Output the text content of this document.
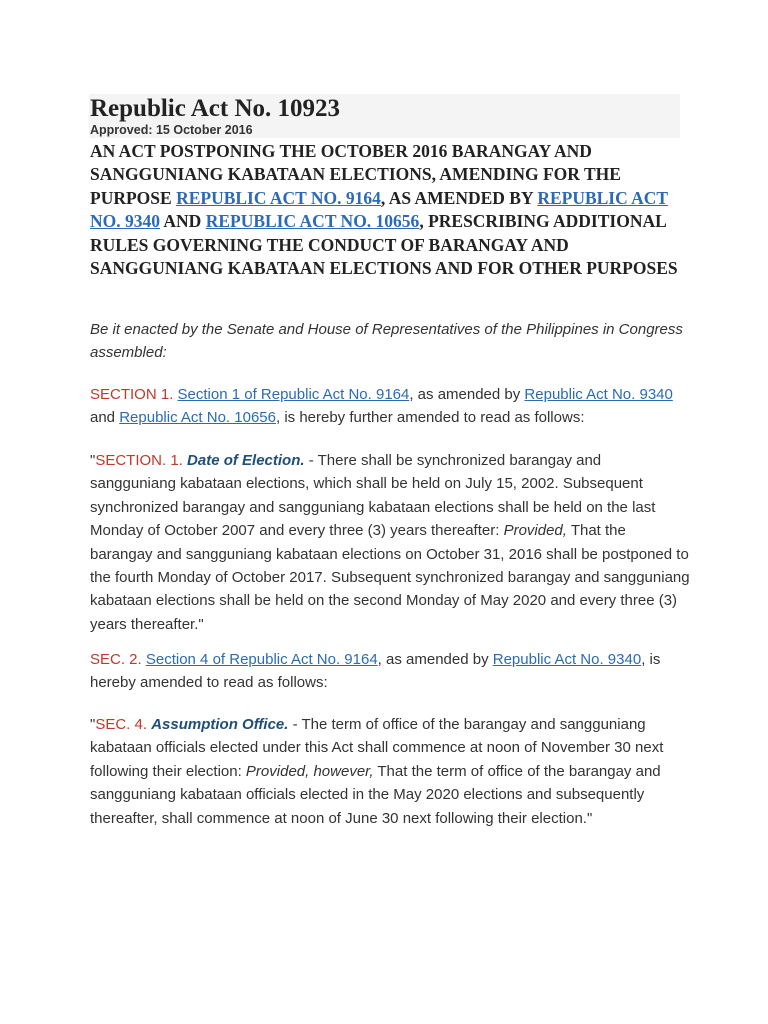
Republic Act No. 10923
Approved: 15 October 2016
AN ACT POSTPONING THE OCTOBER 2016 BARANGAY AND SANGGUNIANG KABATAAN ELECTIONS, AMENDING FOR THE PURPOSE REPUBLIC ACT NO. 9164, AS AMENDED BY REPUBLIC ACT NO. 9340 AND REPUBLIC ACT NO. 10656, PRESCRIBING ADDITIONAL RULES GOVERNING THE CONDUCT OF BARANGAY AND SANGGUNIANG KABATAAN ELECTIONS AND FOR OTHER PURPOSES

Be it enacted by the Senate and House of Representatives of the Philippines in Congress assembled:

SECTION 1. Section 1 of Republic Act No. 9164, as amended by Republic Act No. 9340 and Republic Act No. 10656, is hereby further amended to read as follows:

"SECTION. 1. Date of Election. - There shall be synchronized barangay and sangguniang kabataan elections, which shall be held on July 15, 2002. Subsequent synchronized barangay and sangguniang kabataan elections shall be held on the last Monday of October 2007 and every three (3) years thereafter: Provided, That the barangay and sangguniang kabataan elections on October 31, 2016 shall be postponed to the fourth Monday of October 2017. Subsequent synchronized barangay and sangguniang kabataan elections shall be held on the second Monday of May 2020 and every three (3) years thereafter."

SEC. 2. Section 4 of Republic Act No. 9164, as amended by Republic Act No. 9340, is hereby amended to read as follows:

"SEC. 4. Assumption Office. - The term of office of the barangay and sangguniang kabataan officials elected under this Act shall commence at noon of November 30 next following their election: Provided, however, That the term of office of the barangay and sangguniang kabataan officials elected in the May 2020 elections and subsequently thereafter, shall commence at noon of June 30 next following their election."
